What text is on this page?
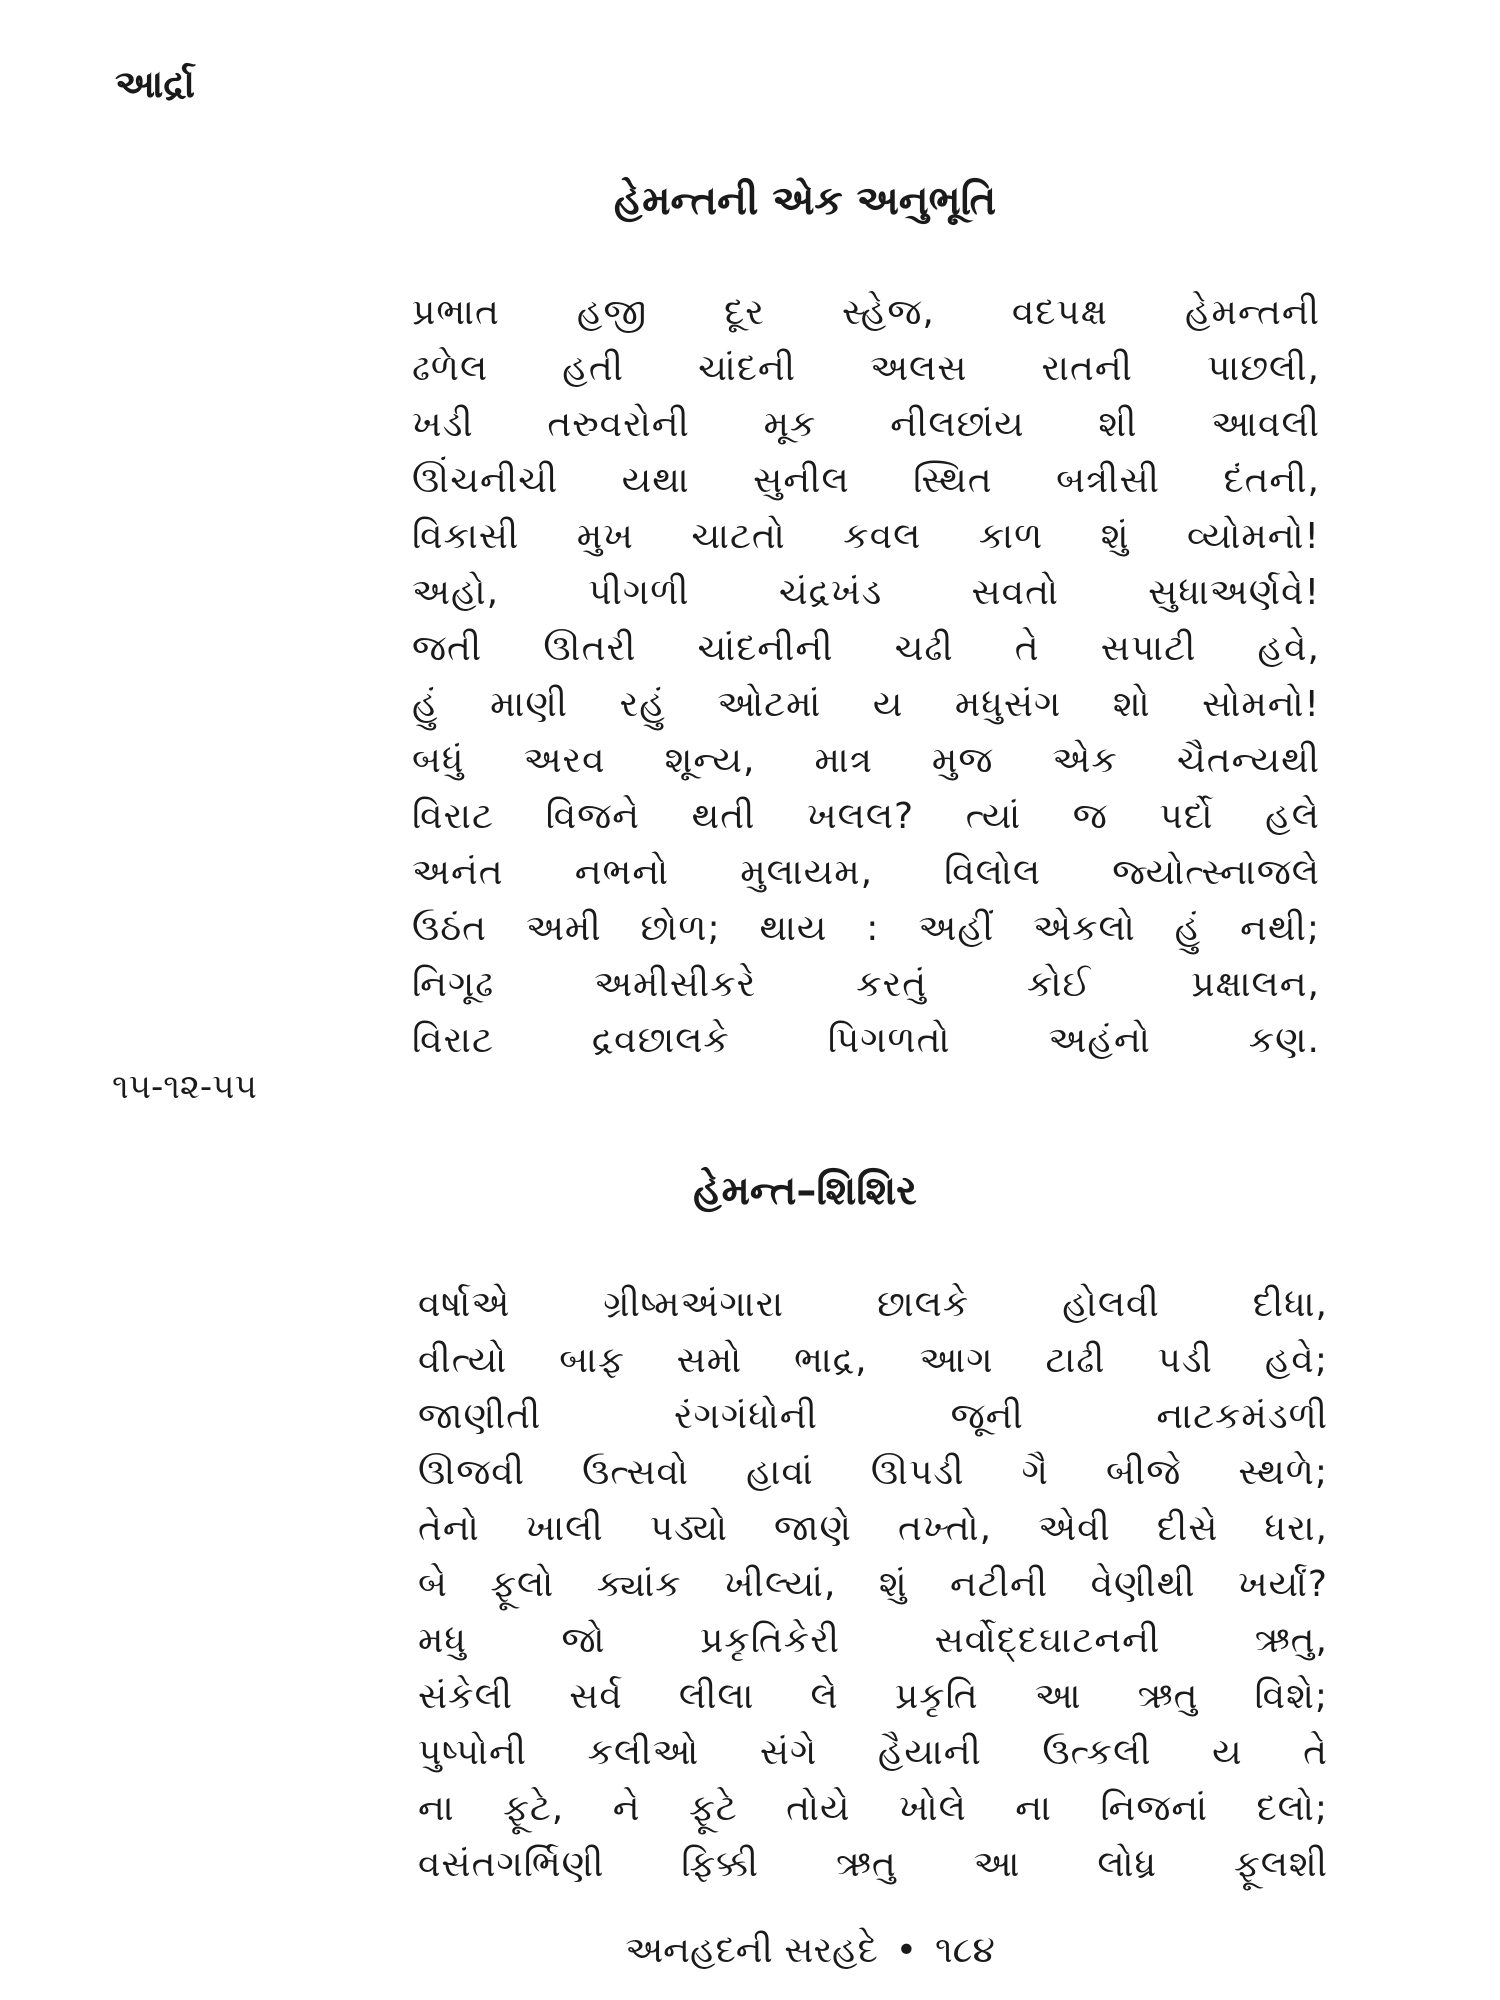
આર્દ્રા
હેમન્તની એક અનુભૂતિ
પ્રભાત હજી દૂર સ્હેજ, વદપક્ષ હેમન્તની
ઢળેલ હતી ચાંદની અલસ રાતની પાછલી,
ખડી તરુવરોની મૂક નીલછાંય શી આવલી
ઊંચનીચી યથા સુનીલ સ્થિત બત્રીસી દંતની,
વિકાસી મુખ ચાટતો કવલ કાળ શું વ્યોમનો!
અહો, પીગળી ચંદ્રખંડ સવતો સુધાઅર્ણવે!
જતી ઊતરી ચાંદનીની ચઢી તે સપાટી હવે,
હું માણી રહું ઓટમાં ય મધુસંગ શો સોમનો!
બધું અરવ શૂન્ય, માત્ર મુજ એક ચૈતન્યથી
વિરાટ વિજને થતી ખલલ? ત્યાં જ પર્દો હલે
અનંત નભનો મુલાયમ, વિલોલ જ્યોત્સ્નાજલે
ઉઠંત અમી છોળ; થાય : અહીં એકલો હું નથી;
નિગૂઢ અમીસીકરે કરતું કોઈ પ્રક્ષાલન,
વિરાટ દ્રવછાલકે પિગળતો અહંનો કણ.
૧૫-૧૨-૫૫
હેમન્ત–શિશિર
વર્ષાએ ગ્રીષ્મઅંગારા છાલકે હોલવી દીધા,
વીત્યો બાફ સમો ભાદ્ર, આગ ટાઢી પડી હવે;
જાણીતી રંગગંધોની જૂની નાટકમંડળી
ઊજવી ઉત્સવો હાવાં ઊપડી ગૈ બીજે સ્થળે;
તેનો ખાલી પડ્યો જાણે તખ્તો, એવી દીસે ધરા,
બે ફૂલો ક્યાંક ખીલ્યાં, શું નટીની વેણીથી ખર્યાં?
મધુ જો પ્રકૃતિકેરી સર્વોદ્દઘાટનની ઋતુ,
સંકેલી સર્વ લીલા લે પ્રકૃતિ આ ઋતુ વિશે;
પુષ્પોની કલીઓ સંગે હૈયાની ઉત્કલી ય તે
ના ફૂટે, ને ફૂટે તોયે ખોલે ના નિજનાં દલો;
વસંતગર્ભિણી ફિક્કી ઋતુ આ લોધ્ર ફૂલશી
અનહદની સરહદે • ૧૮૪
